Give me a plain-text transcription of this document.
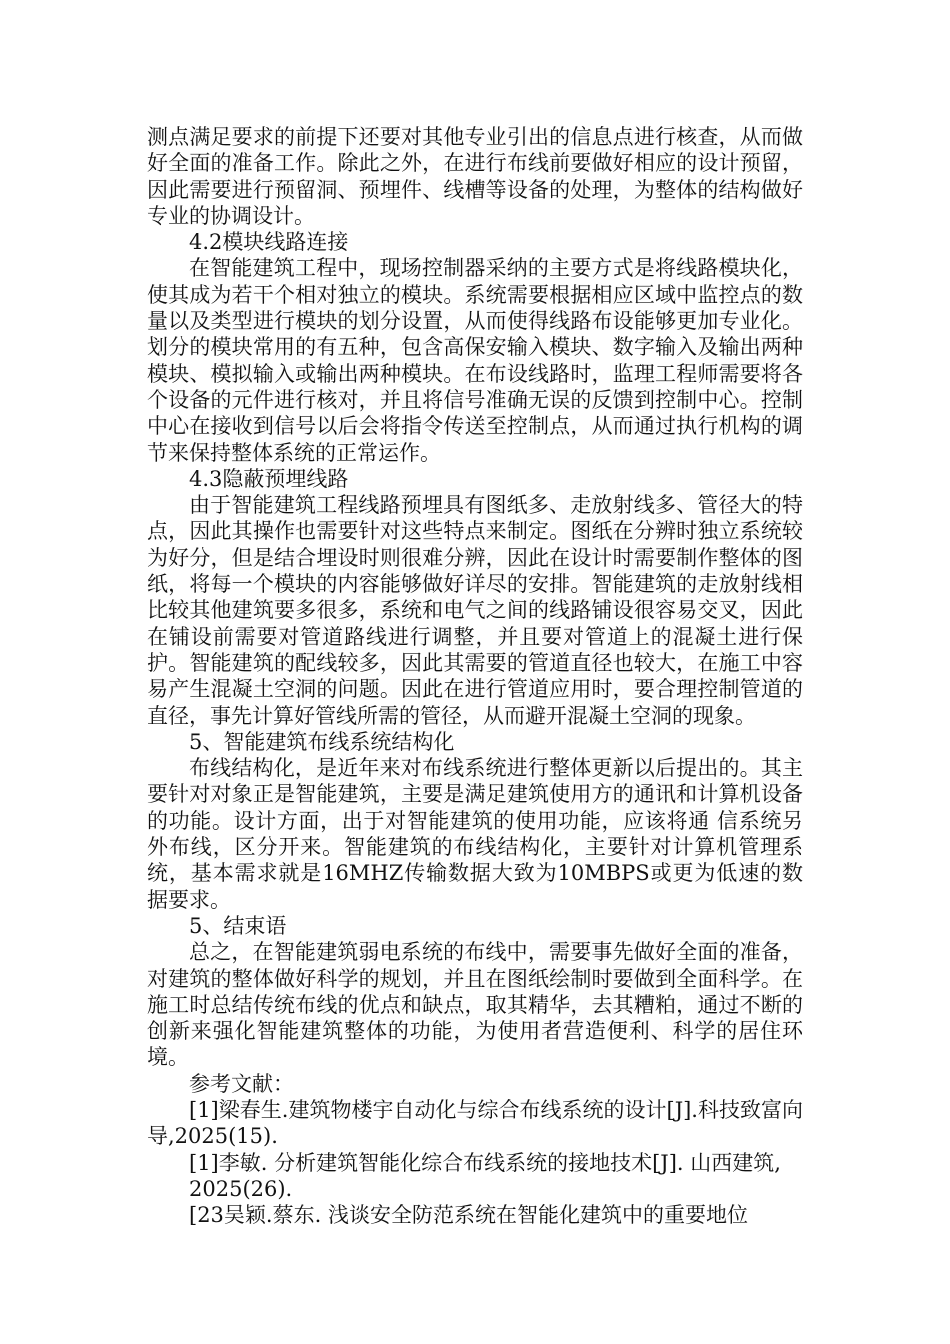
测点满足要求的前提下还要对其他专业引出的信息点进行核查，从而做好全面的准备工作。除此之外，在进行布线前要做好相应的设计预留，因此需要进行预留洞、预埋件、线槽等设备的处理，为整体的结构做好专业的协调设计。

4.2模块线路连接

在智能建筑工程中，现场控制器采纳的主要方式是将线路模块化，使其成为若干个相对独立的模块。系统需要根据相应区域中监控点的数量以及类型进行模块的划分设置，从而使得线路布设能够更加专业化。划分的模块常用的有五种，包含高保安输入模块、数字输入及输出两种模块、模拟输入或输出两种模块。在布设线路时，监理工程师需要将各个设备的元件进行核对，并且将信号准确无误的反馈到控制中心。控制中心在接收到信号以后会将指令传送至控制点，从而通过执行机构的调节来保持整体系统的正常运作。

4.3隐蔽预埋线路

由于智能建筑工程线路预埋具有图纸多、走放射线多、管径大的特点，因此其操作也需要针对这些特点来制定。图纸在分辨时独立系统较为好分，但是结合埋设时则很难分辨，因此在设计时需要制作整体的图纸，将每一个模块的内容能够做好详尽的安排。智能建筑的走放射线相比较其他建筑要多很多，系统和电气之间的线路铺设很容易交叉，因此在铺设前需要对管道路线进行调整，并且要对管道上的混凝土进行保护。智能建筑的配线较多，因此其需要的管道直径也较大，在施工中容易产生混凝土空洞的问题。因此在进行管道应用时，要合理控制管道的直径，事先计算好管线所需的管径，从而避开混凝土空洞的现象。

5、智能建筑布线系统结构化

布线结构化，是近年来对布线系统进行整体更新以后提出的。其主要针对对象正是智能建筑，主要是满足建筑使用方的通讯和计算机设备的功能。设计方面，出于对智能建筑的使用功能，应该将通 信系统另外布线，区分开来。智能建筑的布线结构化，主要针对计算机管理系统，基本需求就是16MHZ传输数据大致为10MBPS或更为低速的数据要求。

5、结束语

总之，在智能建筑弱电系统的布线中，需要事先做好全面的准备，对建筑的整体做好科学的规划，并且在图纸绘制时要做到全面科学。在施工时总结传统布线的优点和缺点，取其精华，去其糟粕，通过不断的创新来强化智能建筑整体的功能，为使用者营造便利、科学的居住环境。

参考文献：

[1]梁春生.建筑物楼宇自动化与综合布线系统的设计[J].科技致富向导,2025(15).

[1]李敏. 分析建筑智能化综合布线系统的接地技术[J]. 山西建筑,

2025(26).

[23吴颖.蔡东. 浅谈安全防范系统在智能化建筑中的重要地位
